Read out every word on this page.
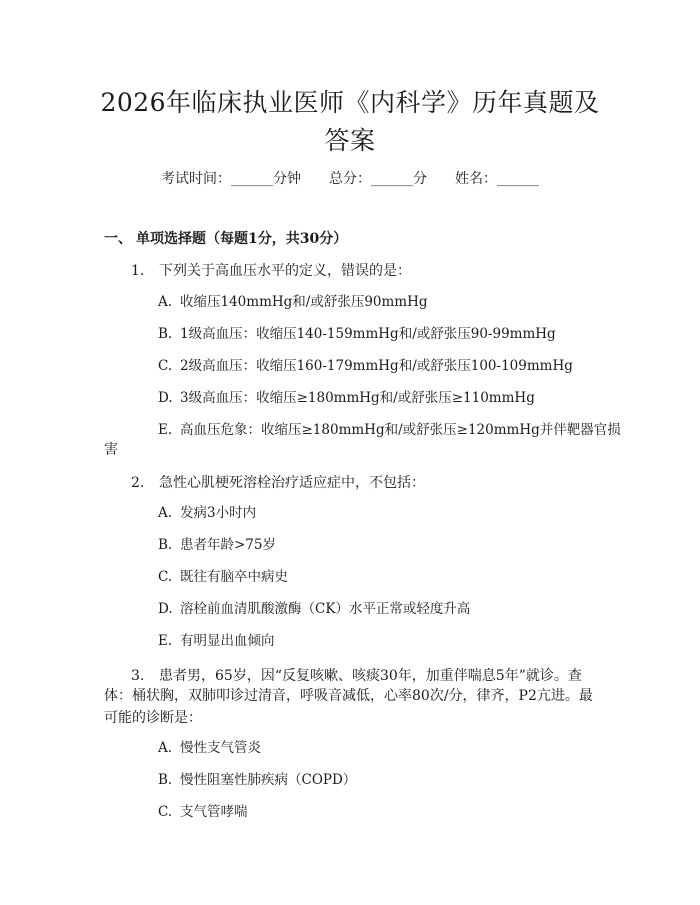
2026年临床执业医师《内科学》历年真题及
答案
考试时间：______分钟 总分：______分 姓名：______
一、 单项选择题（每题1分，共30分）
1. 下列关于高血压水平的定义，错误的是：
A. 收缩压140mmHg和/或舒张压90mmHg
B. 1级高血压：收缩压140-159mmHg和/或舒张压90-99mmHg
C. 2级高血压：收缩压160-179mmHg和/或舒张压100-109mmHg
D. 3级高血压：收缩压≥180mmHg和/或舒张压≥110mmHg
E. 高血压危象：收缩压≥180mmHg和/或舒张压≥120mmHg并伴靶器官损
害
2. 急性心肌梗死溶栓治疗适应症中，不包括：
A. 发病3小时内
B. 患者年龄>75岁
C. 既往有脑卒中病史
D. 溶栓前血清肌酸激酶（CK）水平正常或轻度升高
E. 有明显出血倾向
3. 患者男，65岁，因“反复咳嗽、咳痰30年，加重伴喘息5年”就诊。查
体：桶状胸，双肺叩诊过清音，呼吸音减低，心率80次/分，律齐，P2亢进。最
可能的诊断是：
A. 慢性支气管炎
B. 慢性阻塞性肺疾病（COPD）
C. 支气管哮喘
